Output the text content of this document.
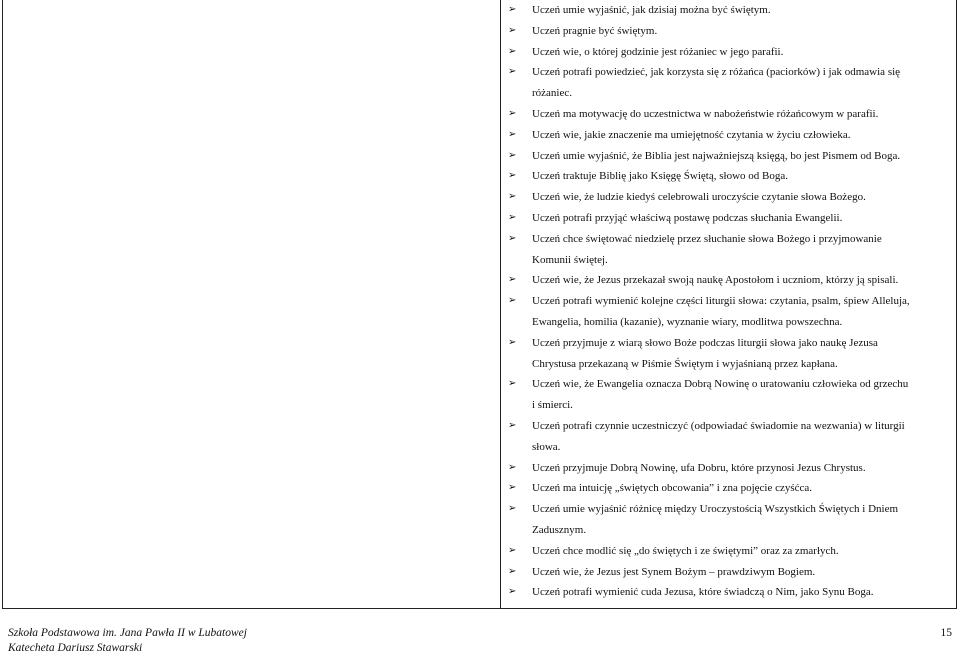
➢	Uczeń umie wyjaśnić, jak dzisiaj można być świętym.
➢	Uczeń pragnie być świętym.
➢	Uczeń wie, o której godzinie jest różaniec w jego parafii.
➢	Uczeń potrafi powiedzieć, jak korzysta się z różańca (paciorków) i jak odmawia się
różaniec.
➢	Uczeń ma motywację do uczestnictwa w nabożeństwie różańcowym w parafii.
➢	Uczeń wie, jakie znaczenie ma umiejętność czytania w życiu człowieka.
➢	Uczeń umie wyjaśnić, że Biblia jest najważniejszą księgą, bo jest Pismem od Boga.
➢	Uczeń traktuje Biblię jako Księgę Świętą, słowo od Boga.
➢	Uczeń wie, że ludzie kiedyś celebrowali uroczyście czytanie słowa Bożego.
➢	Uczeń potrafi przyjąć właściwą postawę podczas słuchania Ewangelii.
➢	Uczeń chce świętować niedzielę przez słuchanie słowa Bożego i przyjmowanie
Komunii świętej.
➢	Uczeń wie, że Jezus przekazał swoją naukę Apostołom i uczniom, którzy ją spisali.
➢	Uczeń potrafi wymienić kolejne części liturgii słowa: czytania, psalm, śpiew Alleluja,
Ewangelia, homilia (kazanie), wyznanie wiary, modlitwa powszechna.
➢	Uczeń przyjmuje z wiarą słowo Boże podczas liturgii słowa jako naukę Jezusa
Chrystusa przekazaną w Piśmie Świętym i wyjaśnianą przez kapłana.
➢	Uczeń wie, że Ewangelia oznacza Dobrą Nowinę o uratowaniu człowieka od grzechu
i śmierci.
➢	Uczeń potrafi czynnie uczestniczyć (odpowiadać świadomie na wezwania) w liturgii
słowa.
➢	Uczeń przyjmuje Dobrą Nowinę, ufa Dobru, które przynosi Jezus Chrystus.
➢	Uczeń ma intuicję „świętych obcowania” i zna pojęcie czyśćca.
➢	Uczeń umie wyjaśnić różnicę między Uroczystością Wszystkich Świętych i Dniem
Zadusznym.
➢	Uczeń chce modlić się „do świętych i ze świętymi” oraz za zmarłych.
➢	Uczeń wie, że Jezus jest Synem Bożym – prawdziwym Bogiem.
➢	Uczeń potrafi wymienić cuda Jezusa, które świadczą o Nim, jako Synu Boga.
Szkoła Podstawowa im. Jana Pawła II w Lubatowej
Katecheta Dariusz Stawarski
15
